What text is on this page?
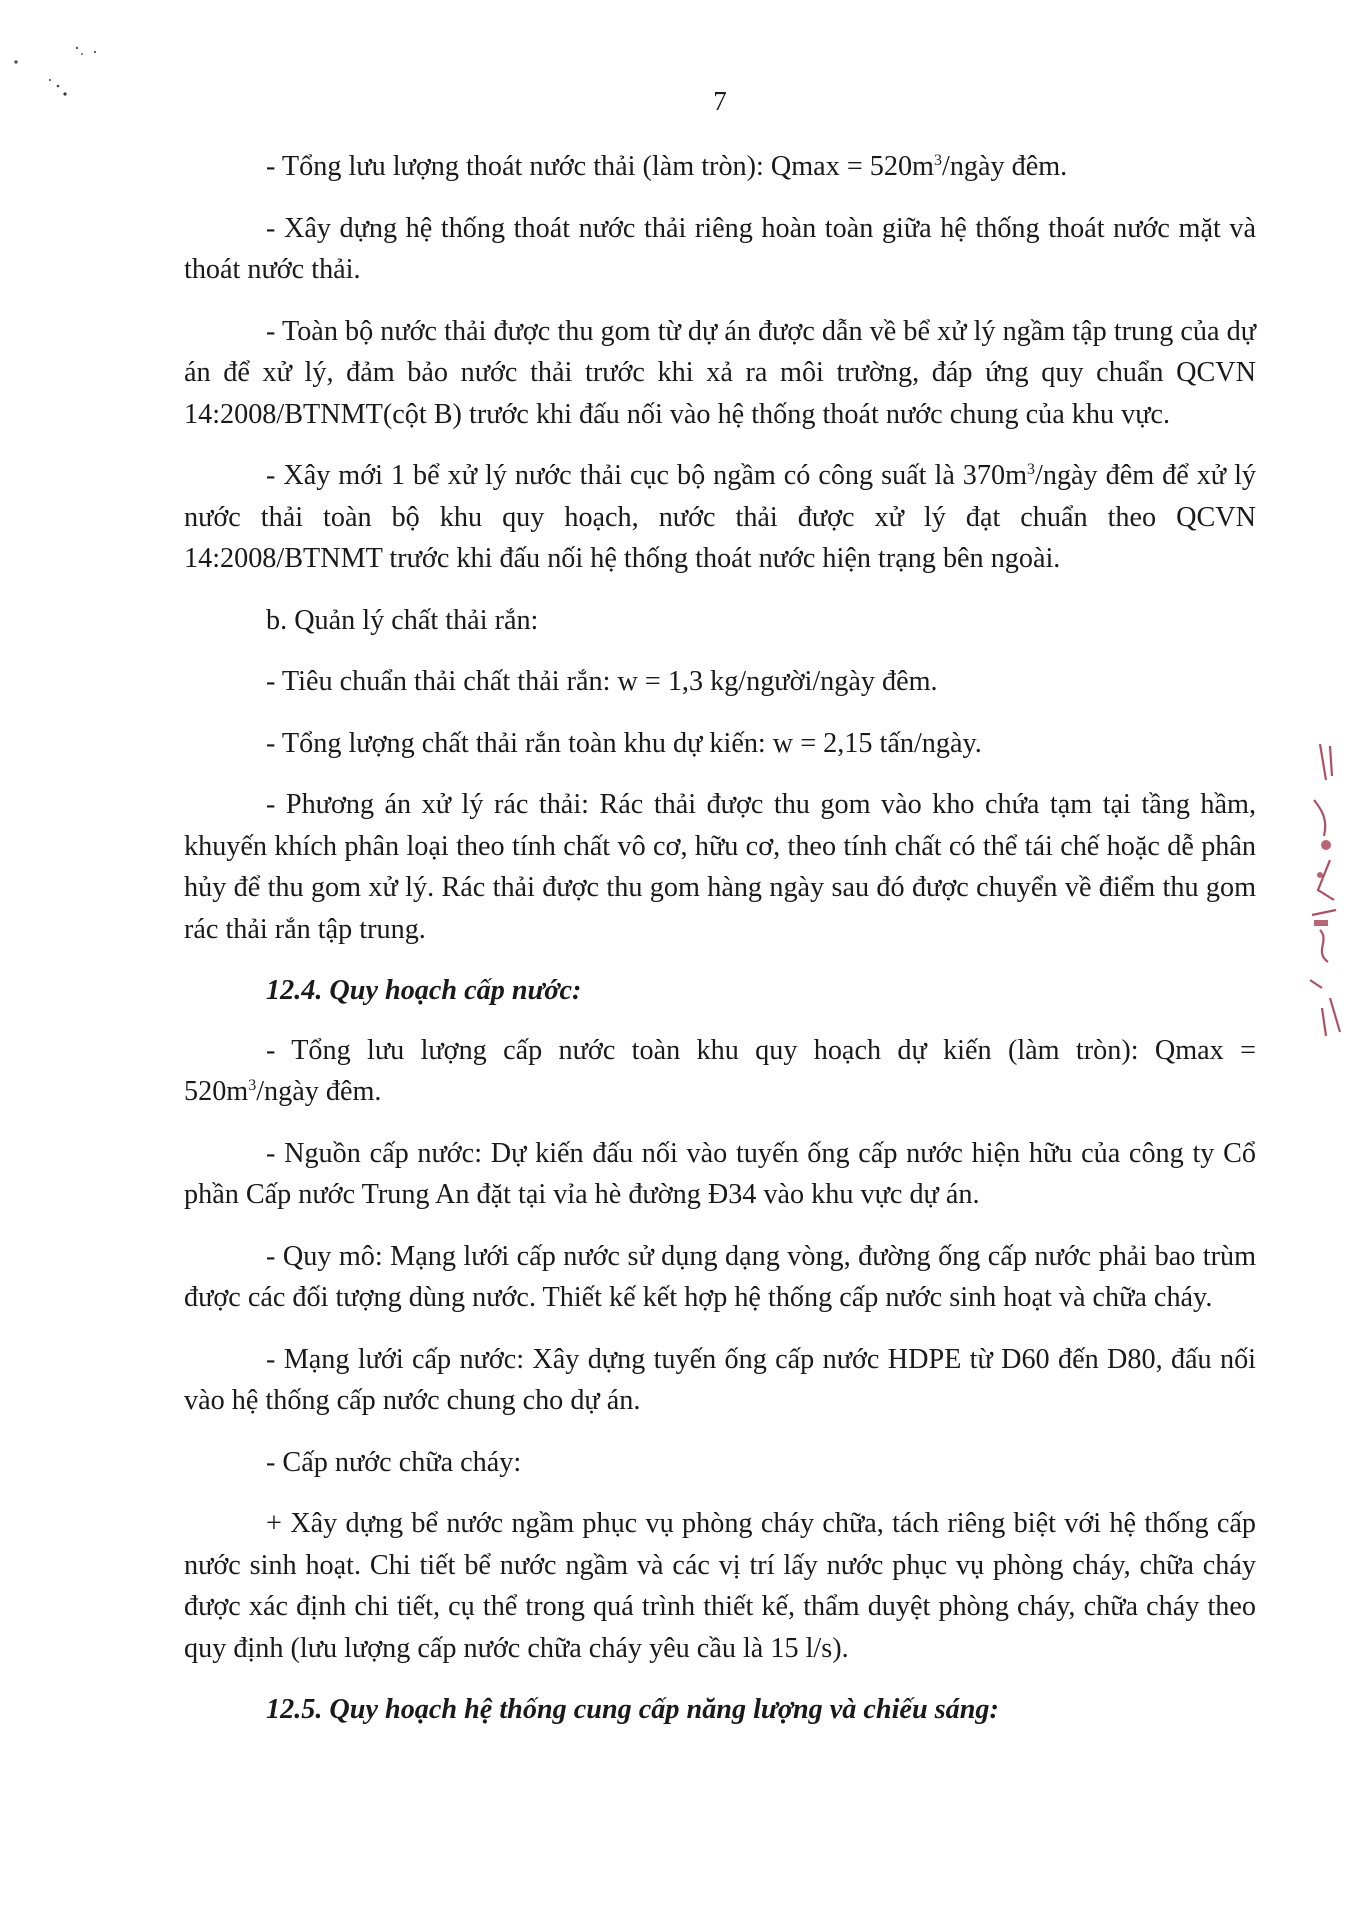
7

- Tổng lưu lượng thoát nước thải (làm tròn): $Qmax = 520m^3$/ngày đêm.

- Xây dựng hệ thống thoát nước thải riêng hoàn toàn giữa hệ thống thoát nước mặt và thoát nước thải.

- Toàn bộ nước thải được thu gom từ dự án được dẫn về bể xử lý ngầm tập trung của dự án để xử lý, đảm bảo nước thải trước khi xả ra môi trường, đáp ứng quy chuẩn QCVN 14:2008/BTNMT(cột B) trước khi đấu nối vào hệ thống thoát nước chung của khu vực.

- Xây mới 1 bể xử lý nước thải cục bộ ngầm có công suất là $370m^3$/ngày đêm để xử lý nước thải toàn bộ khu quy hoạch, nước thải được xử lý đạt chuẩn theo QCVN 14:2008/BTNMT trước khi đấu nối hệ thống thoát nước hiện trạng bên ngoài.

b. Quản lý chất thải rắn:

- Tiêu chuẩn thải chất thải rắn: w = 1,3 kg/người/ngày đêm.

- Tổng lượng chất thải rắn toàn khu dự kiến: w = 2,15 tấn/ngày.

- Phương án xử lý rác thải: Rác thải được thu gom vào kho chứa tạm tại tầng hầm, khuyến khích phân loại theo tính chất vô cơ, hữu cơ, theo tính chất có thể tái chế hoặc dễ phân hủy để thu gom xử lý. Rác thải được thu gom hàng ngày sau đó được chuyển về điểm thu gom rác thải rắn tập trung.

12.4. Quy hoạch cấp nước:

- Tổng lưu lượng cấp nước toàn khu quy hoạch dự kiến (làm tròn): $Qmax = 520m^3$/ngày đêm.

- Nguồn cấp nước: Dự kiến đấu nối vào tuyến ống cấp nước hiện hữu của công ty Cổ phần Cấp nước Trung An đặt tại vỉa hè đường Đ34 vào khu vực dự án.

- Quy mô: Mạng lưới cấp nước sử dụng dạng vòng, đường ống cấp nước phải bao trùm được các đối tượng dùng nước. Thiết kế kết hợp hệ thống cấp nước sinh hoạt và chữa cháy.

- Mạng lưới cấp nước: Xây dựng tuyến ống cấp nước HDPE từ D60 đến D80, đấu nối vào hệ thống cấp nước chung cho dự án.

- Cấp nước chữa cháy:

+ Xây dựng bể nước ngầm phục vụ phòng cháy chữa, tách riêng biệt với hệ thống cấp nước sinh hoạt. Chi tiết bể nước ngầm và các vị trí lấy nước phục vụ phòng cháy, chữa cháy được xác định chi tiết, cụ thể trong quá trình thiết kế, thẩm duyệt phòng cháy, chữa cháy theo quy định (lưu lượng cấp nước chữa cháy yêu cầu là 15 l/s).

12.5. Quy hoạch hệ thống cung cấp năng lượng và chiếu sáng:
